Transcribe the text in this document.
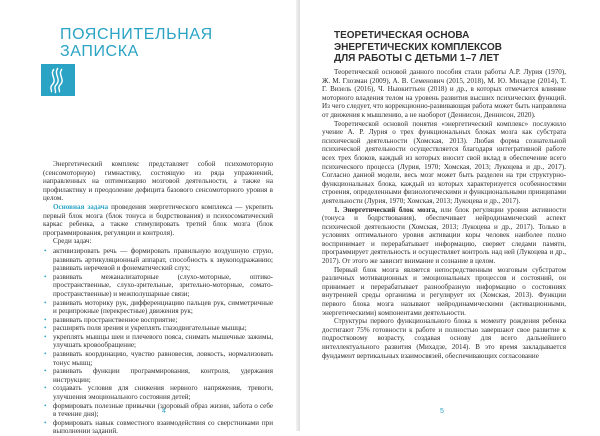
ПОЯСНИТЕЛЬНАЯ
ЗАПИСКА

Энергетический комплекс представляет собой психомоторную (сенсомоторную) гимнастику, состоящую из ряда упражнений, направленных на оптимизацию мозговой деятельности, а также на профилактику и преодоление дефицита базового сенсомоторного уровня в целом.

Основная задача проведения энергетического комплекса — укрепить первый блок мозга (блок тонуса и бодрствования) и психосоматический каркас ребенка, а также стимулировать третий блок мозга (блок программирования, регуляции и контроля).

Среди задач:

• активизировать речь — формировать правильную воздушную струю, развивать артикуляционный аппарат, способность к звукоподражанию; развивать неречевой и фонематический слух;
• развивать межанализаторные (слухо-моторные, оптико-пространственные, слухо-зрительные, зрительно-моторные, сомато-пространственные) и межполушарные связи;
• развивать моторику рук, дифференциацию пальцев рук, симметричные и реципрокные (перекрестные) движения рук;
• развивать пространственное восприятие;
• расширять поля зрения и укреплять глазодвигательные мышцы;
• укреплять мышцы шеи и плечевого пояса, снимать мышечные зажимы, улучшать кровообращение;
• развивать координацию, чувство равновесия, ловкость, нормализовать тонус мышц;
• развивать функции программирования, контроля, удержания инструкции;
• создавать условия для снижения нервного напряжения, тревоги, улучшения эмоционального состояния детей;
• формировать полезные привычки (здоровый образ жизни, забота о себе в течение дня);
• формировать навык совместного взаимодействия со сверстниками при выполнении заданий.
4
ТЕОРЕТИЧЕСКАЯ ОСНОВА
ЭНЕРГЕТИЧЕСКИХ КОМПЛЕКСОВ
ДЛЯ РАБОТЫ С ДЕТЬМИ 1–7 ЛЕТ

Теоретической основой данного пособия стали работы А.Р. Лурия (1970), Ж. М. Глозман (2009), А. В. Семенович (2015, 2018), М. Ю. Михадзе (2014), Т. Г. Визель (2016), Ч. Ньюкиттьен (2018) и др., в которых отмечается влияние моторного владения телом на уровень развития высших психических функций. Из чего следует, что коррекционно-развивающая работа может быть направлена от движения к мышлению, а не наоборот (Деннисон, Деннисон, 2020).

Теоретической основой понятия «энергетический комплекс» послужило учение А. Р. Лурия о трех функциональных блоках мозга как субстрата психической деятельности (Хомская, 2013). Любая форма сознательной психической деятельности осуществляется благодаря интегративной работе всех трех блоков, каждый из которых вносит свой вклад в обеспечение всего психического процесса (Лурия, 1970; Хомская, 2013; Лукоцева и др., 2017). Согласно данной модели, весь мозг может быть разделен на три структурно-функциональных блока, каждый из которых характеризуется особенностями строения, определенными физиологическими и функциональными принципами деятельности (Лурия, 1970; Хомская, 2013; Лукоцева и др., 2017).

1. Энергетический блок мозга, или блок регуляции уровня активности (тонуса и бодрствования), обеспечивает нейродинамический аспект психической деятельности (Хомская, 2013; Лукоцева и др., 2017). Только в условиях оптимального уровня активации коры человек наиболее полно воспринимает и перерабатывает информацию, сверяет следами памяти, программирует деятельность и осуществляет контроль над ней (Лукоцева и др., 2017). От этого же зависит внимание и сознание в целом.

Первый блок мозга является непосредственным мозговым субстратом различных мотивационных и эмоциональных процессов и состояний, он принимает и перерабатывает разнообразную информацию о состояниях внутренней среды организма и регулирует их (Хомская, 2013). Функции первого блока мозга называют нейродинамическими (активационными, энергетическими) компонентами деятельности.

Структуры первого функционального блока к моменту рождения ребенка достигают 75% готовности к работе и полностью завершают свое развитие к подростковому возрасту, создавая основу для всего дальнейшего интеллектуального развития (Михадзе, 2014). В это время закладывается фундамент вертикальных взаимосвязей, обеспечивающих согласование

5
